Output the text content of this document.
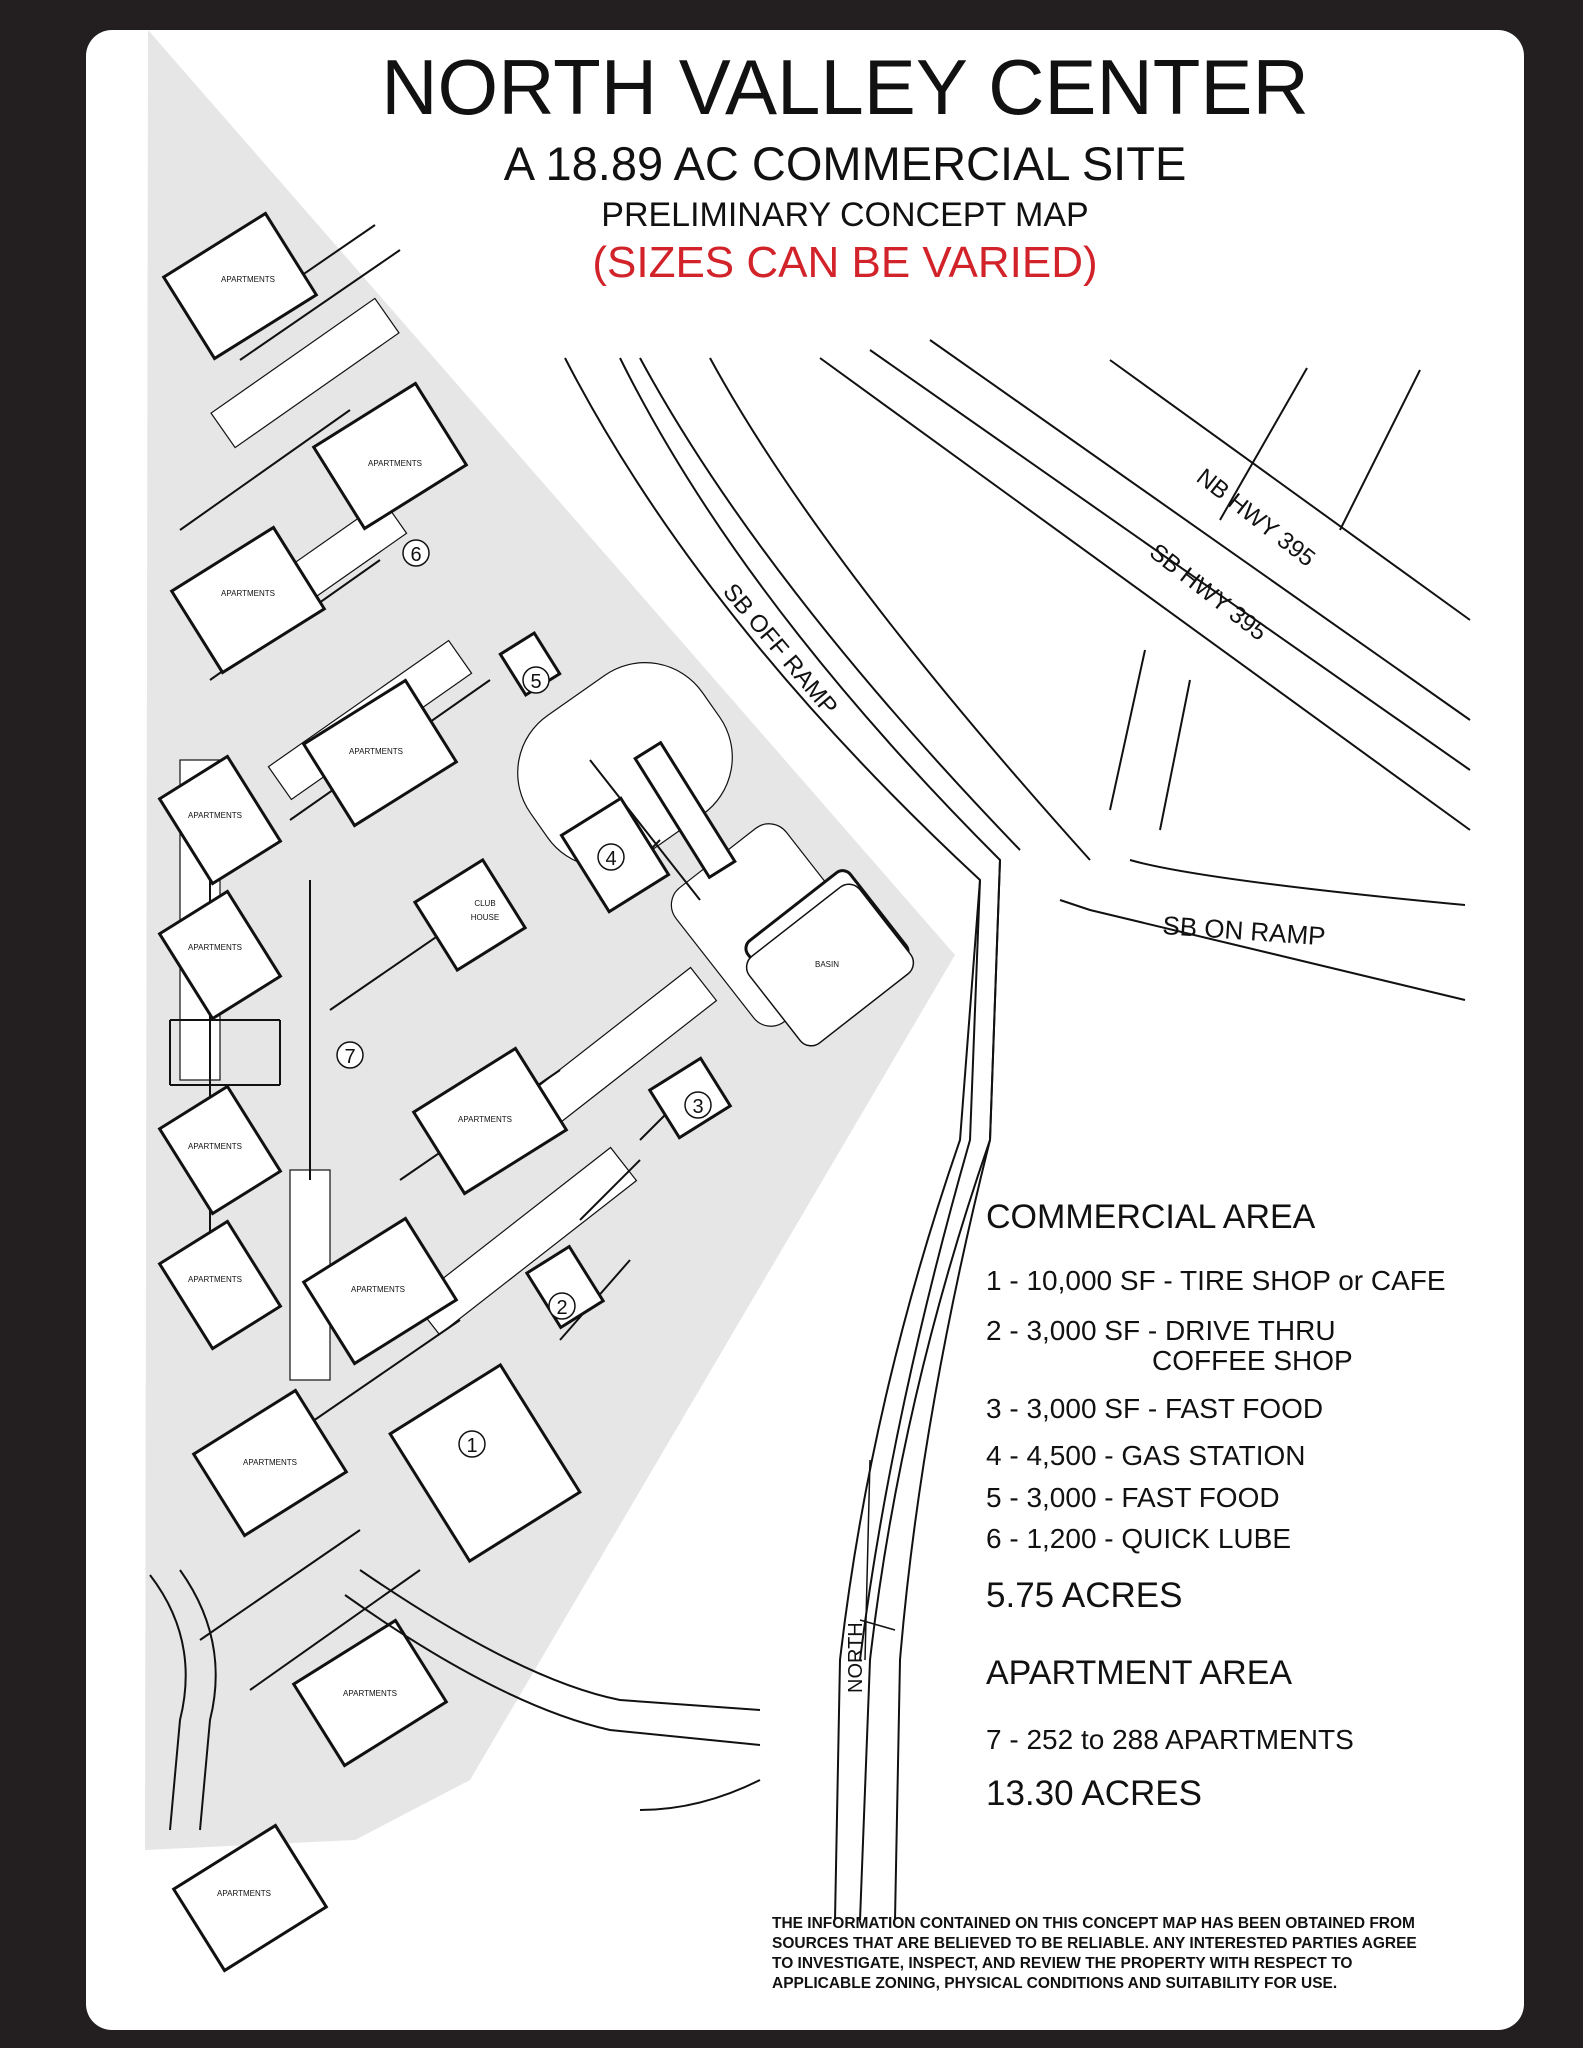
APARTMENTS
APARTMENTS
APARTMENTS
APARTMENTS
APARTMENTS
APARTMENTS
APARTMENTS
APARTMENTS
APARTMENTS
APARTMENTS
APARTMENTS
APARTMENTS
APARTMENTS
CLUB
HOUSE
BASIN
1
2
3
4
5
6
7
NB HWY 395
SB HWY 395
SB OFF RAMP
SB ON RAMP
NORTH
NORTH VALLEY CENTER
A 18.89 AC COMMERCIAL SITE
PRELIMINARY CONCEPT MAP
(SIZES CAN BE VARIED)
COMMERCIAL AREA
1 - 10,000 SF - TIRE SHOP or CAFE
2 - 3,000 SF - DRIVE THRU
COFFEE SHOP
3 - 3,000 SF - FAST FOOD
4 - 4,500 - GAS STATION
5 - 3,000 - FAST FOOD
6 - 1,200 - QUICK LUBE
5.75 ACRES
APARTMENT AREA
7 - 252 to 288 APARTMENTS
13.30 ACRES
THE INFORMATION CONTAINED ON THIS CONCEPT MAP HAS BEEN OBTAINED FROM
SOURCES THAT ARE BELIEVED TO BE RELIABLE. ANY INTERESTED PARTIES AGREE
TO INVESTIGATE, INSPECT, AND REVIEW THE PROPERTY WITH RESPECT TO
APPLICABLE ZONING, PHYSICAL CONDITIONS AND SUITABILITY FOR USE.
